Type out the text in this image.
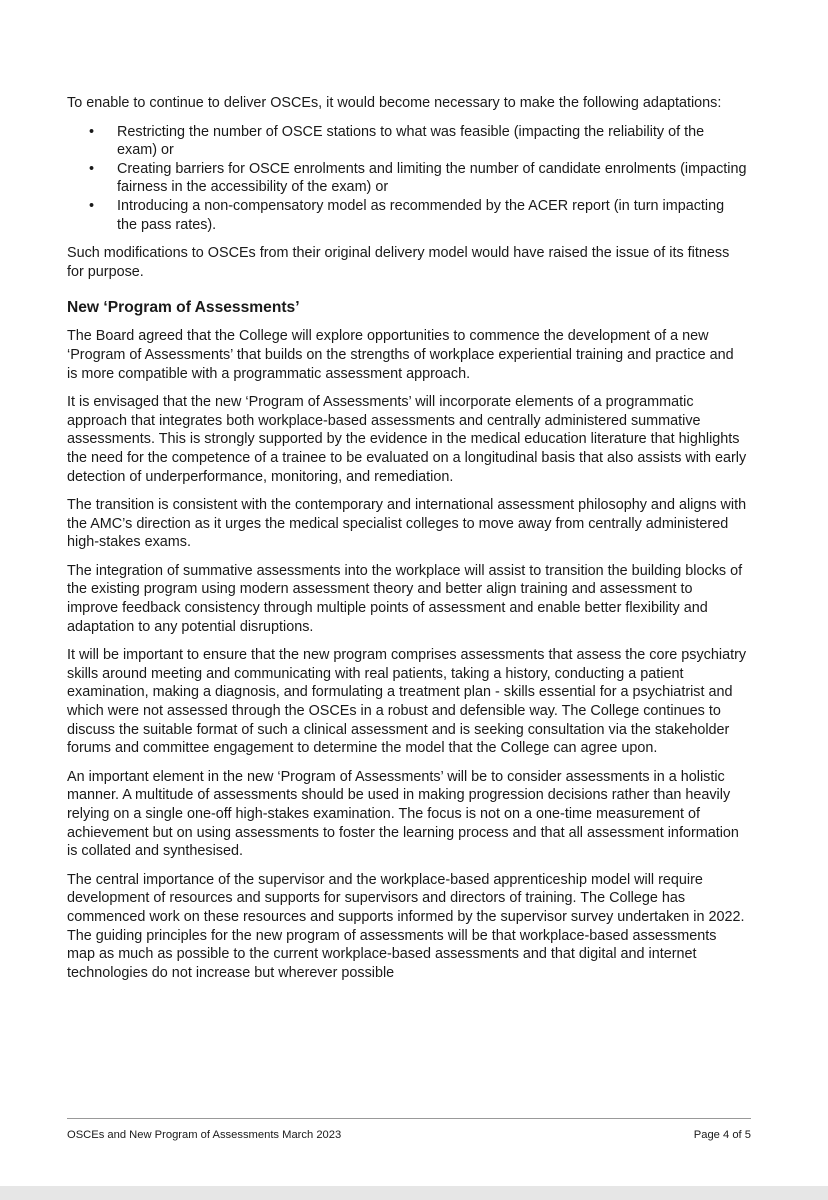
To enable to continue to deliver OSCEs, it would become necessary to make the following adaptations:

• Restricting the number of OSCE stations to what was feasible (impacting the reliability of the exam) or
• Creating barriers for OSCE enrolments and limiting the number of candidate enrolments (impacting fairness in the accessibility of the exam) or
• Introducing a non-compensatory model as recommended by the ACER report (in turn impacting the pass rates).

Such modifications to OSCEs from their original delivery model would have raised the issue of its fitness for purpose.

New ‘Program of Assessments’

The Board agreed that the College will explore opportunities to commence the development of a new ‘Program of Assessments’ that builds on the strengths of workplace experiential training and practice and is more compatible with a programmatic assessment approach.

It is envisaged that the new ‘Program of Assessments’ will incorporate elements of a programmatic approach that integrates both workplace-based assessments and centrally administered summative assessments. This is strongly supported by the evidence in the medical education literature that highlights the need for the competence of a trainee to be evaluated on a longitudinal basis that also assists with early detection of underperformance, monitoring, and remediation.

The transition is consistent with the contemporary and international assessment philosophy and aligns with the AMC’s direction as it urges the medical specialist colleges to move away from centrally administered high-stakes exams.

The integration of summative assessments into the workplace will assist to transition the building blocks of the existing program using modern assessment theory and better align training and assessment to improve feedback consistency through multiple points of assessment and enable better flexibility and adaptation to any potential disruptions.

It will be important to ensure that the new program comprises assessments that assess the core psychiatry skills around meeting and communicating with real patients, taking a history, conducting a patient examination, making a diagnosis, and formulating a treatment plan - skills essential for a psychiatrist and which were not assessed through the OSCEs in a robust and defensible way. The College continues to discuss the suitable format of such a clinical assessment and is seeking consultation via the stakeholder forums and committee engagement to determine the model that the College can agree upon.

An important element in the new ‘Program of Assessments’ will be to consider assessments in a holistic manner. A multitude of assessments should be used in making progression decisions rather than heavily relying on a single one-off high-stakes examination. The focus is not on a one-time measurement of achievement but on using assessments to foster the learning process and that all assessment information is collated and synthesised.

The central importance of the supervisor and the workplace-based apprenticeship model will require development of resources and supports for supervisors and directors of training. The College has commenced work on these resources and supports informed by the supervisor survey undertaken in 2022. The guiding principles for the new program of assessments will be that workplace-based assessments map as much as possible to the current workplace-based assessments and that digital and internet technologies do not increase but wherever possible

OSCEs and New Program of Assessments March 2023	Page 4 of 5
